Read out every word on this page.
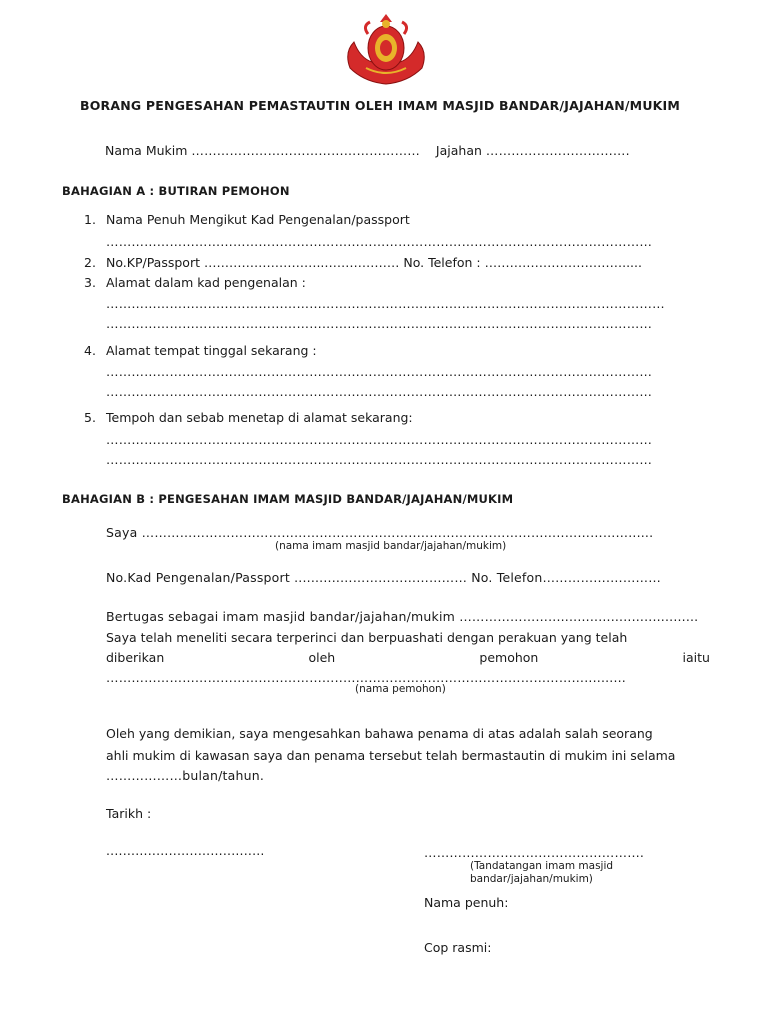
BORANG PENGESAHAN PEMASTAUTIN OLEH IMAM MASJID BANDAR/JAJAHAN/MUKIM
Nama Mukim ……………………………………………… Jajahan …………………………….
BAHAGIAN A : BUTIRAN PEMOHON
1. Nama Penuh Mengikut Kad Pengenalan/passport
…………………………………………………………………………………………………………………
2. No.KP/Passport ………………………..……………… No. Telefon : …………………………….....
3. Alamat dalam kad pengenalan :
……………………………………………………………………………………………………………………
…………………………………………………………………………………………………………………
4. Alamat tempat tinggal sekarang :
…………………………………………………………………………………………………………………
…………………………………………………………………………………………………………………
5. Tempoh dan sebab menetap di alamat sekarang:
…………………………………………………………………………………………………………………
…………………………………………………………………………………………………………………
BAHAGIAN B : PENGESAHAN IMAM MASJID BANDAR/JAJAHAN/MUKIM
Saya ………………………………………………………..……………………………..……………......
(nama imam masjid bandar/jajahan/mukim)
No.Kad Pengenalan/Passport ...........………………………… No. Telefon…………….…………
Bertugas sebagai imam masjid bandar/jajahan/mukim …………………....................................
Saya telah meneliti secara terperinci dan berpuashati dengan perakuan yang telah
diberikan	oleh	pemohon	iaitu
………………………………………………..…………………………………………………..........
(nama pemohon)
Oleh yang demikian, saya mengesahkan bahawa penama di atas adalah salah seorang
ahli mukim di kawasan saya dan penama tersebut telah bermastautin di mukim ini selama
………………bulan/tahun.
Tarikh :
......................................	…………………………………………….
(Tandatangan imam masjid
bandar/jajahan/mukim)
Nama penuh:
Cop rasmi:
